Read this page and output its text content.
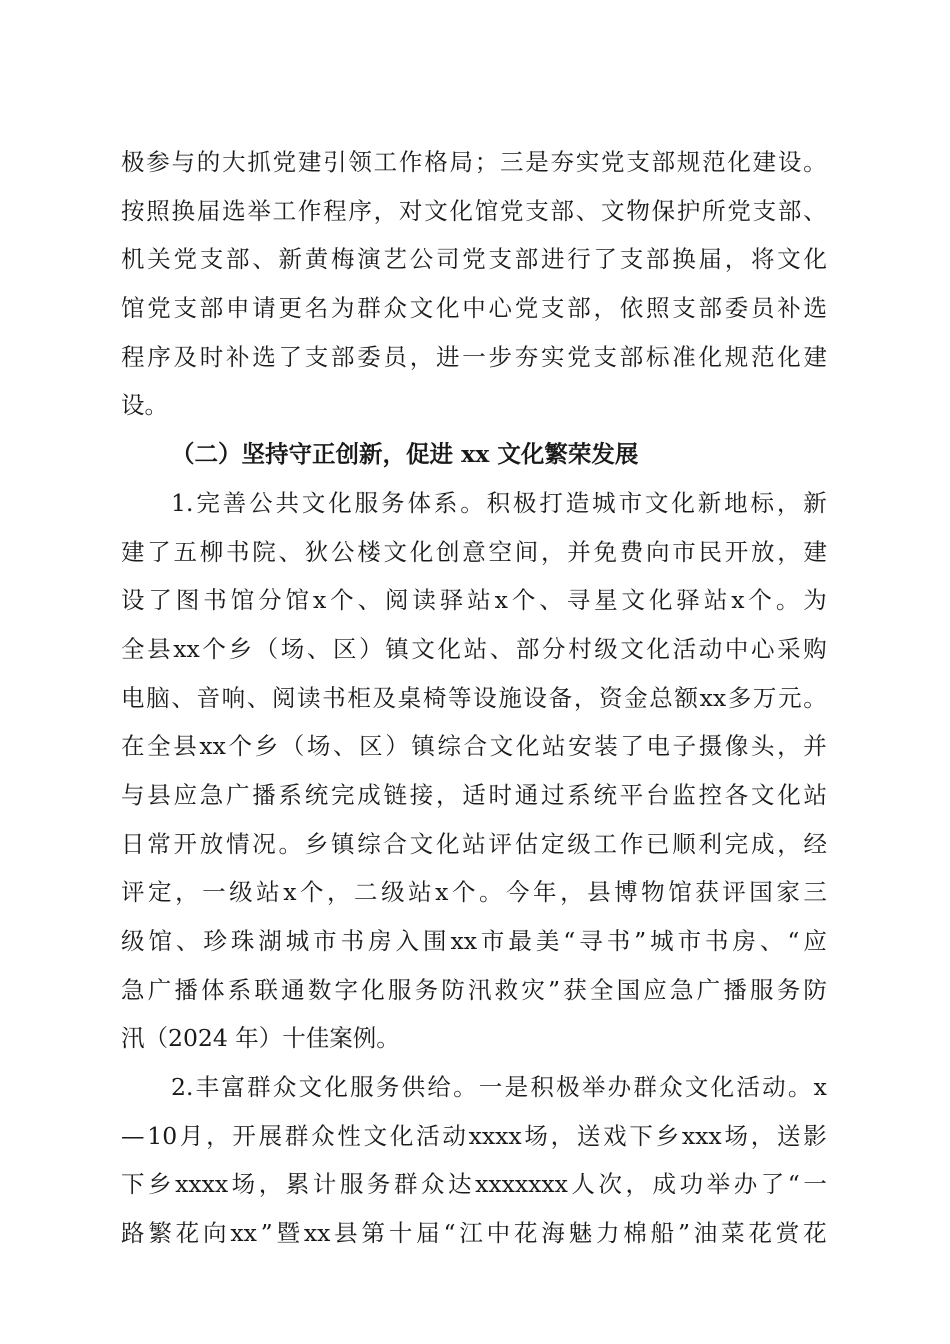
极 参 与 的 大 抓 党 建 引 领 工 作 格 局 ； 三 是 夯 实 党 支 部 规 范 化 建 设 。
按 照 换 届 选 举 工 作 程 序 ， 对 文 化 馆 党 支 部 、 文 物 保 护 所 党 支 部 、
机 关 党 支 部 、 新 黄 梅 演 艺 公 司 党 支 部 进 行 了 支 部 换 届 ， 将 文 化
馆 党 支 部 申 请 更 名 为 群 众 文 化 中 心 党 支 部 ， 依 照 支 部 委 员 补 选
程 序 及 时 补 选 了 支 部 委 员 ， 进 一 步 夯 实 党 支 部 标 准 化 规 范 化 建
设。
（二）坚持守正创新，促进 xx 文化繁荣发展
1. 完 善 公 共 文 化 服 务 体 系 。 积 极 打 造 城 市 文 化 新 地 标 ， 新
建 了 五 柳 书 院 、 狄 公 楼 文 化 创 意 空 间 ， 并 免 费 向 市 民 开 放 ， 建
设 了 图 书 馆 分 馆 x 个 、 阅 读 驿 站 x 个 、 寻 星 文 化 驿 站 x 个 。 为
全 县 xx 个 乡 （ 场 、 区 ） 镇 文 化 站 、 部 分 村 级 文 化 活 动 中 心 采 购
电 脑 、 音 响 、 阅 读 书 柜 及 桌 椅 等 设 施 设 备 ， 资 金 总 额 xx 多 万 元 。
在 全 县 xx 个 乡 （ 场 、 区 ） 镇 综 合 文 化 站 安 装 了 电 子 摄 像 头 ， 并
与 县 应 急 广 播 系 统 完 成 链 接 ， 适 时 通 过 系 统 平 台 监 控 各 文 化 站
日 常 开 放 情 况 。 乡 镇 综 合 文 化 站 评 估 定 级 工 作 已 顺 利 完 成 ， 经
评 定 ， 一 级 站 x 个 ， 二 级 站 x 个 。 今 年 ， 县 博 物 馆 获 评 国 家 三
级 馆 、 珍 珠 湖 城 市 书 房 入 围 xx 市 最 美 “ 寻 书 ” 城 市 书 房 、 “ 应
急 广 播 体 系 联 通 数 字 化 服 务 防 汛 救 灾 ” 获 全 国 应 急 广 播 服 务 防
汛（2024 年）十佳案例。
2. 丰 富 群 众 文 化 服 务 供 给 。 一 是 积 极 举 办 群 众 文 化 活 动 。 x
— 10 月 ， 开 展 群 众 性 文 化 活 动 xxxx 场 ， 送 戏 下 乡 xxx 场 ， 送 影
下 乡 xxxx 场 ， 累 计 服 务 群 众 达 xxxxxxx 人 次 ， 成 功 举 办 了 “ 一
路 繁 花 向 xx ” 暨 xx 县 第 十 届 “ 江 中 花 海 魅 力 棉 船 ” 油 菜 花 赏 花
